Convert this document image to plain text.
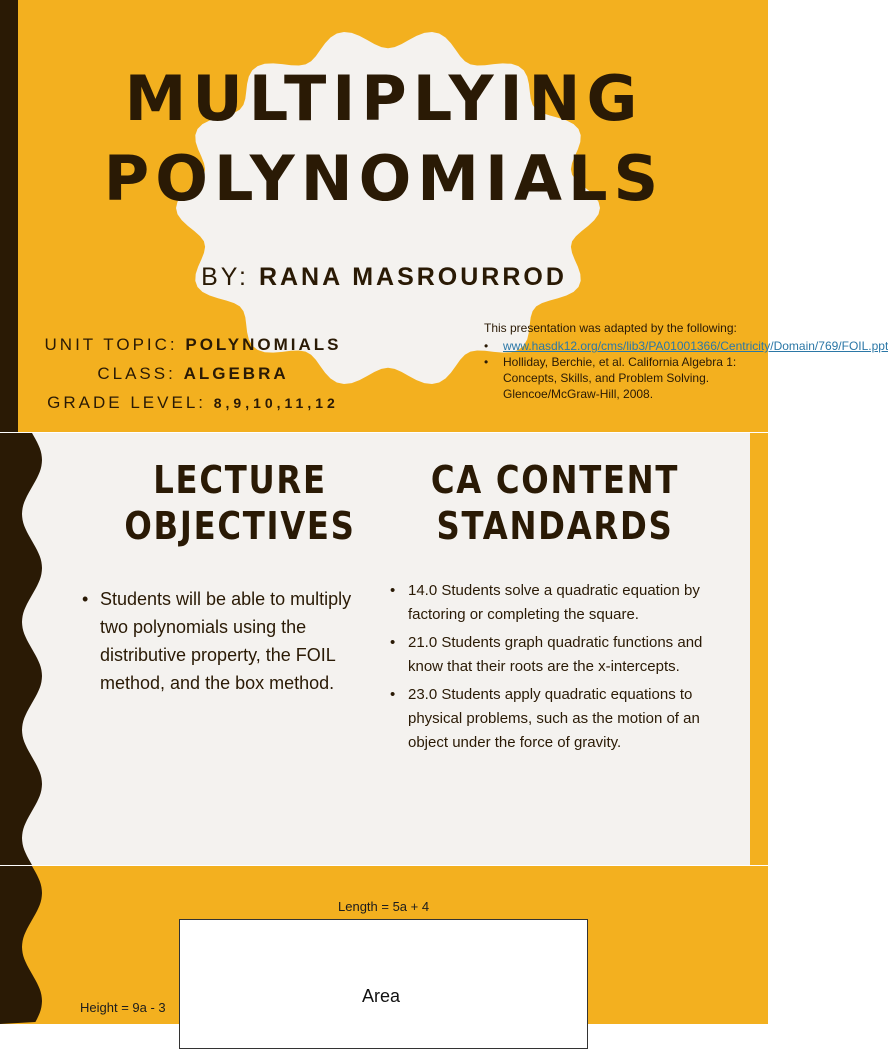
MULTIPLYING
POLYNOMIALS
BY: RANA MASROURROD
UNIT TOPIC: POLYNOMIALS
CLASS: ALGEBRA
GRADE LEVEL: 8,9,10,11,12
This presentation was adapted by the following:
• www.hasdk12.org/cms/lib3/PA01001366/Centricity/Domain/769/FOIL.ppt
• Holliday, Berchie, et al. California Algebra 1: Concepts, Skills, and Problem Solving. Glencoe/McGraw-Hill, 2008.
LECTURE
OBJECTIVES
CA CONTENT
STANDARDS
• Students will be able to multiply two polynomials using the distributive property, the FOIL method, and the box method.
• 14.0 Students solve a quadratic equation by factoring or completing the square.
• 21.0 Students graph quadratic functions and know that their roots are the x-intercepts.
• 23.0 Students apply quadratic equations to physical problems, such as the motion of an object under the force of gravity.
Length = 5a + 4
Area
Height = 9a - 3
